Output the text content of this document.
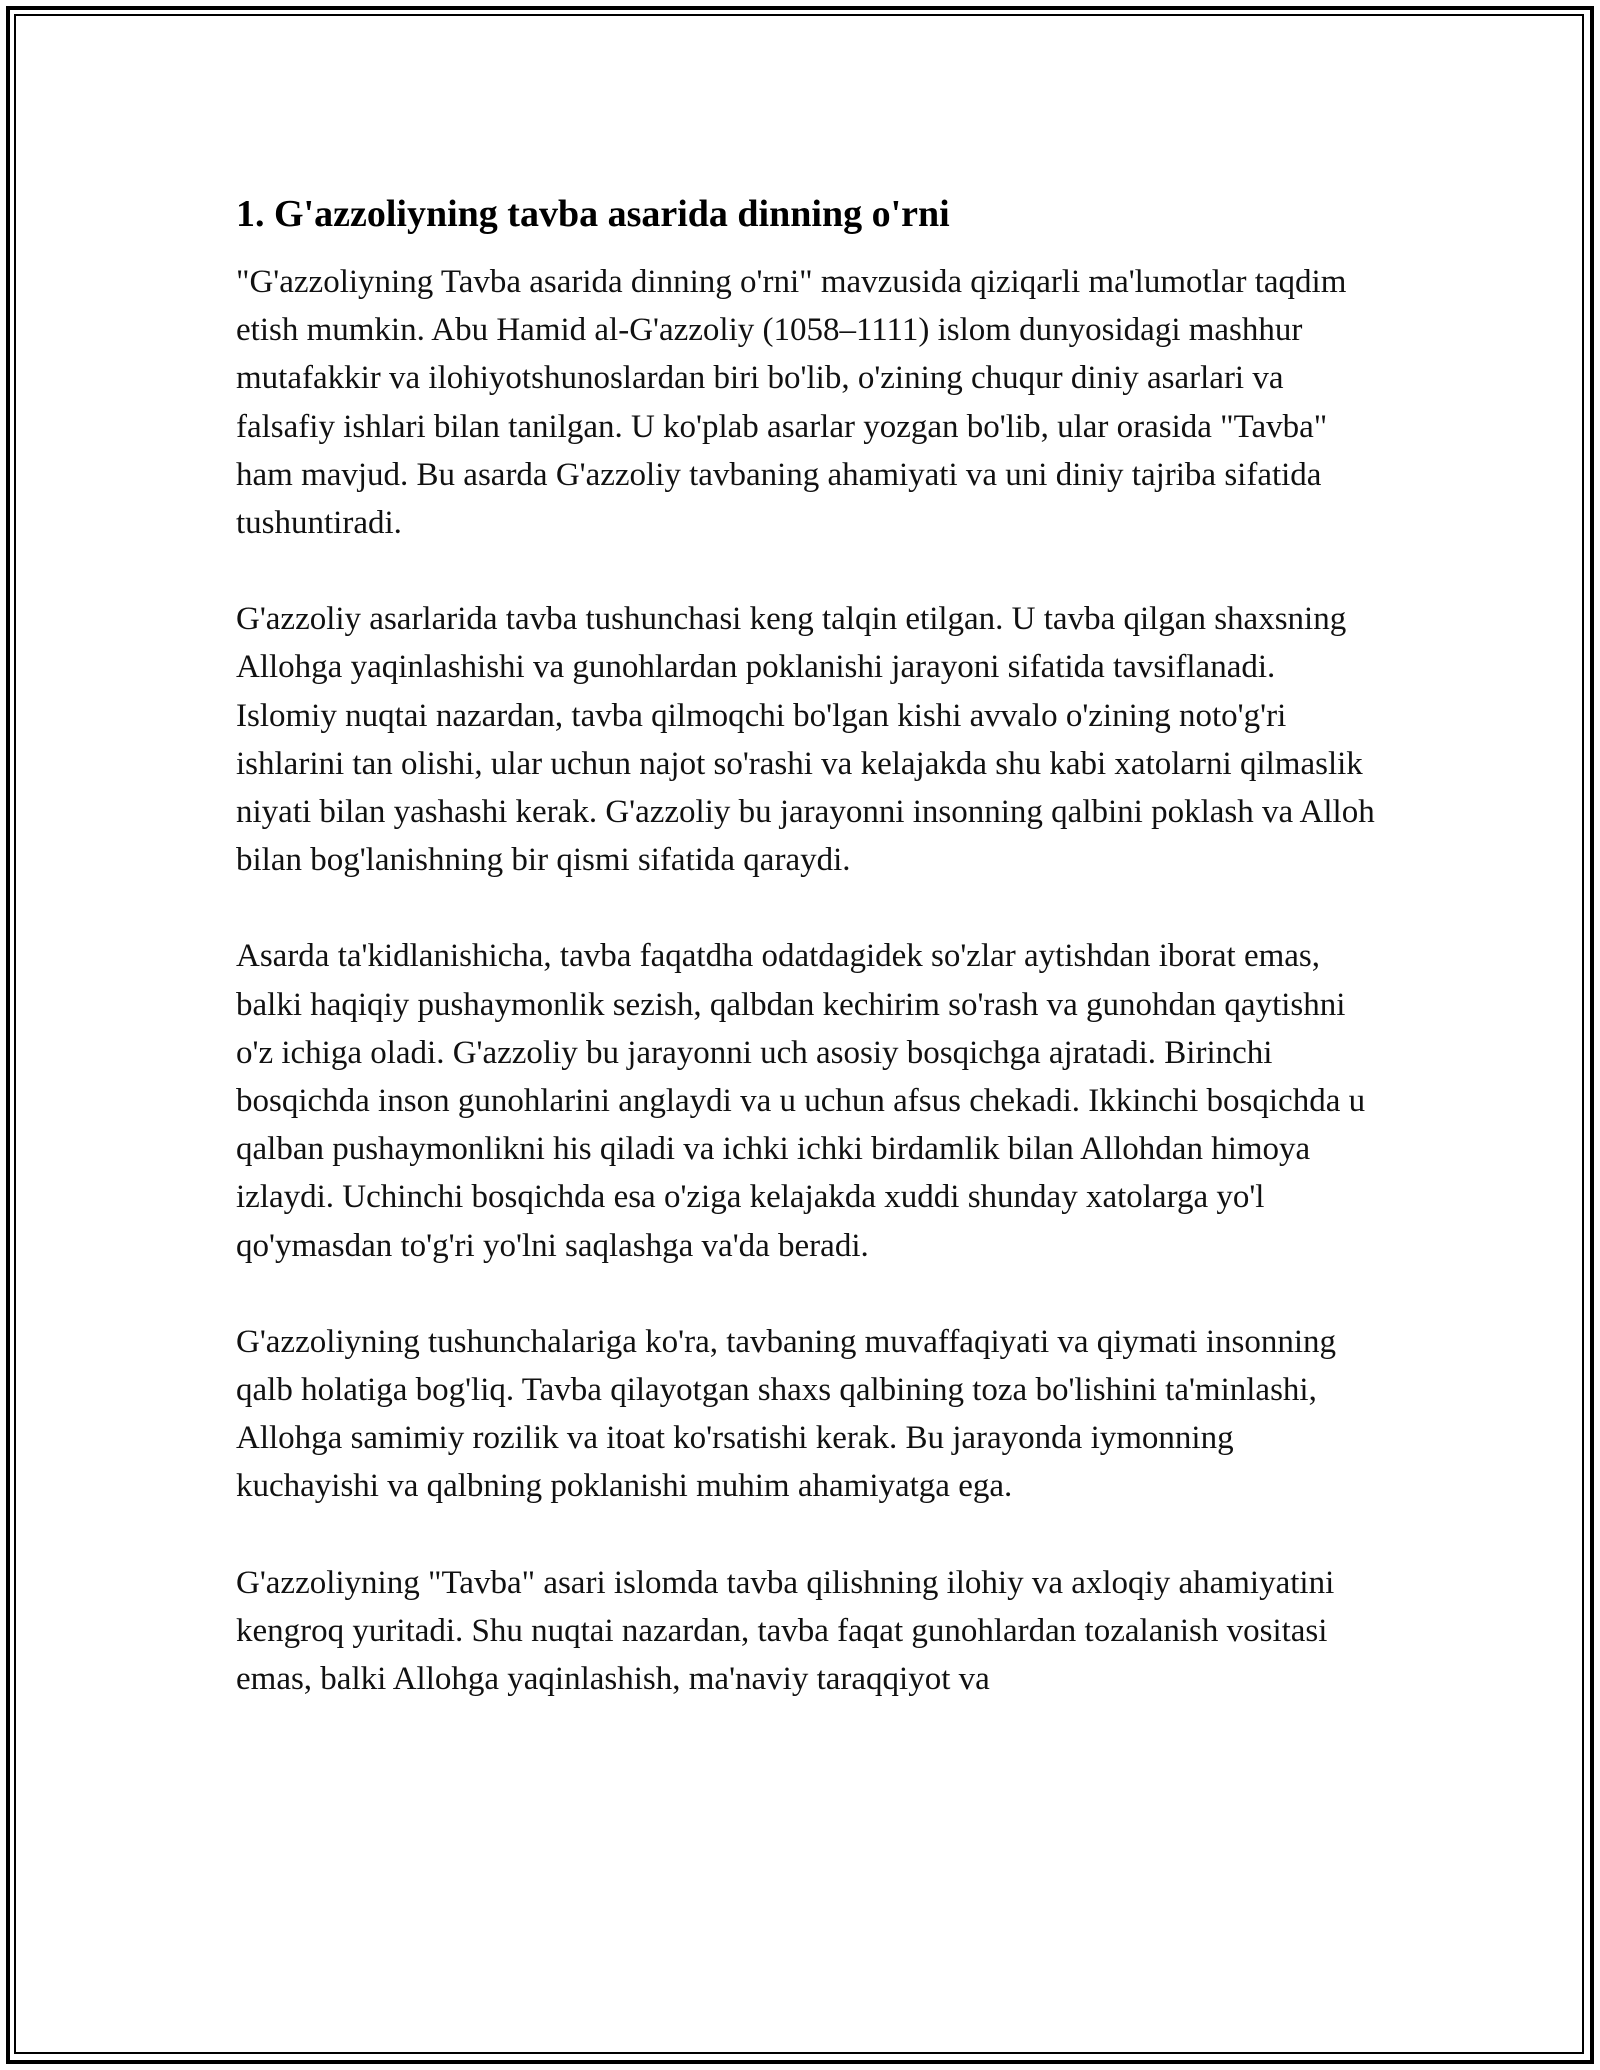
1. G'azzoliyning tavba asarida dinning o'rni

"G'azzoliyning Tavba asarida dinning o'rni" mavzusida qiziqarli ma'lumotlar taqdim etish mumkin. Abu Hamid al-G'azzoliy (1058–1111) islom dunyosidagi mashhur mutafakkir va ilohiyotshunoslardan biri bo'lib, o'zining chuqur diniy asarlari va falsafiy ishlari bilan tanilgan. U ko'plab asarlar yozgan bo'lib, ular orasida "Tavba" ham mavjud. Bu asarda G'azzoliy tavbaning ahamiyati va uni diniy tajriba sifatida tushuntiradi.

G'azzoliy asarlarida tavba tushunchasi keng talqin etilgan. U tavba qilgan shaxsning Allohga yaqinlashishi va gunohlardan poklanishi jarayoni sifatida tavsiflanadi. Islomiy nuqtai nazardan, tavba qilmoqchi bo'lgan kishi avvalo o'zining noto'g'ri ishlarini tan olishi, ular uchun najot so'rashi va kelajakda shu kabi xatolarni qilmaslik niyati bilan yashashi kerak. G'azzoliy bu jarayonni insonning qalbini poklash va Alloh bilan bog'lanishning bir qismi sifatida qaraydi.

Asarda ta'kidlanishicha, tavba faqatdha odatdagidek so'zlar aytishdan iborat emas, balki haqiqiy pushaymonlik sezish, qalbdan kechirim so'rash va gunohdan qaytishni o'z ichiga oladi. G'azzoliy bu jarayonni uch asosiy bosqichga ajratadi. Birinchi bosqichda inson gunohlarini anglaydi va u uchun afsus chekadi. Ikkinchi bosqichda u qalban pushaymonlikni his qiladi va ichki ichki birdamlik bilan Allohdan himoya izlaydi. Uchinchi bosqichda esa o'ziga kelajakda xuddi shunday xatolarga yo'l qo'ymasdan to'g'ri yo'lni saqlashga va'da beradi.

G'azzoliyning tushunchalariga ko'ra, tavbaning muvaffaqiyati va qiymati insonning qalb holatiga bog'liq. Tavba qilayotgan shaxs qalbining toza bo'lishini ta'minlashi, Allohga samimiy rozilik va itoat ko'rsatishi kerak. Bu jarayonda iymonning kuchayishi va qalbning poklanishi muhim ahamiyatga ega.

G'azzoliyning "Tavba" asari islomda tavba qilishning ilohiy va axloqiy ahamiyatini kengroq yuritadi. Shu nuqtai nazardan, tavba faqat gunohlardan tozalanish vositasi emas, balki Allohga yaqinlashish, ma'naviy taraqqiyot va
